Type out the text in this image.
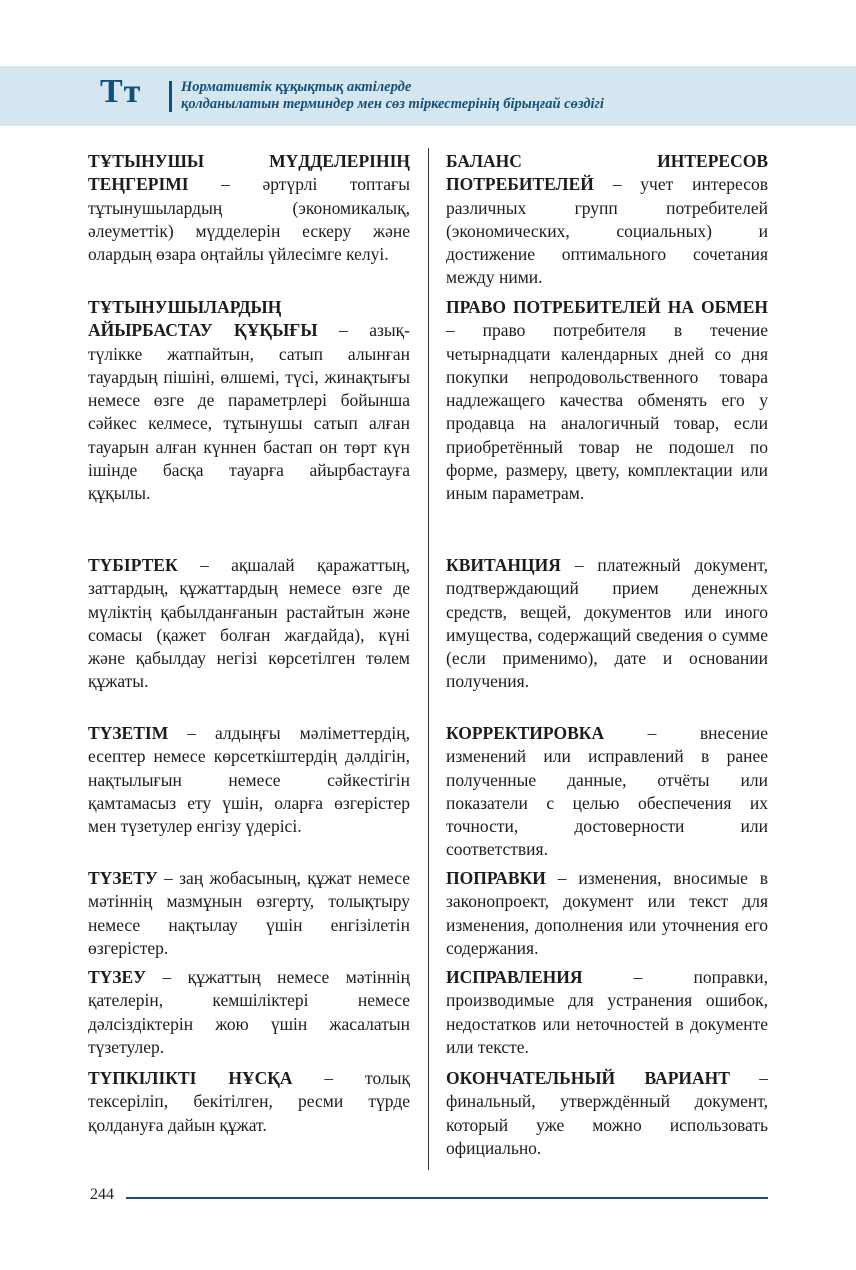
Тт	Нормативтік құқықтық актілерде
қолданылатын терминдер мен сөз тіркестерінің бірыңғай сөздігі
ТҰТЫНУШЫ МҮДДЕЛЕРІНІҢ ТЕҢГЕРІМІ – әртүрлі топтағы тұтынушылардың (экономикалық, әлеуметтік) мүдделерін ескеру және олардың өзара оңтайлы үйлесімге келуі.
ТҰТЫНУШЫЛАРДЫҢ АЙЫРБАСТАУ ҚҰҚЫҒЫ – азық-түлікке жатпайтын, сатып алынған тауардың пішіні, өлшемі, түсі, жинақтығы немесе өзге де параметрлері бойынша сәйкес келмесе, тұтынушы сатып алған тауарын алған күннен бастап он төрт күн ішінде басқа тауарға айырбастауға құқылы.
ТҮБІРТЕК – ақшалай қаражаттың, заттардың, құжаттардың немесе өзге де мүліктің қабылданғанын растайтын және сомасы (қажет болған жағдайда), күні және қабылдау негізі көрсетілген төлем құжаты.
ТҮЗЕТІМ – алдыңғы мәліметтердің, есептер немесе көрсеткіштердің дәлдігін, нақтылығын немесе сәйкестігін қамтамасыз ету үшін, оларға өзгерістер мен түзетулер енгізу үдерісі.
ТҮЗЕТУ – заң жобасының, құжат немесе мәтіннің мазмұнын өзгерту, толықтыру немесе нақтылау үшін енгізілетін өзгерістер.
ТҮЗЕУ – құжаттың немесе мәтіннің қателерін, кемшіліктері немесе дәлсіздіктерін жою үшін жасалатын түзетулер.
ТҮПКІЛІКТІ НҰСҚА – толық тексеріліп, бекітілген, ресми түрде қолдануға дайын құжат.
БАЛАНС ИНТЕРЕСОВ ПОТРЕБИТЕЛЕЙ – учет интересов различных групп потребителей (экономических, социальных) и достижение оптимального сочетания между ними.
ПРАВО ПОТРЕБИТЕЛЕЙ НА ОБМЕН – право потребителя в течение четырнадцати календарных дней со дня покупки непродовольственного товара надлежащего качества обменять его у продавца на аналогичный товар, если приобретённый товар не подошел по форме, размеру, цвету, комплектации или иным параметрам.
КВИТАНЦИЯ – платежный документ, подтверждающий прием денежных средств, вещей, документов или иного имущества, содержащий сведения о сумме (если применимо), дате и основании получения.
КОРРЕКТИРОВКА – внесение изменений или исправлений в ранее полученные данные, отчёты или показатели с целью обеспечения их точности, достоверности или соответствия.
ПОПРАВКИ – изменения, вносимые в законопроект, документ или текст для изменения, дополнения или уточнения его содержания.
ИСПРАВЛЕНИЯ – поправки, производимые для устранения ошибок, недостатков или неточностей в документе или тексте.
ОКОНЧАТЕЛЬНЫЙ ВАРИАНТ – финальный, утверждённый документ, который уже можно использовать официально.
244
